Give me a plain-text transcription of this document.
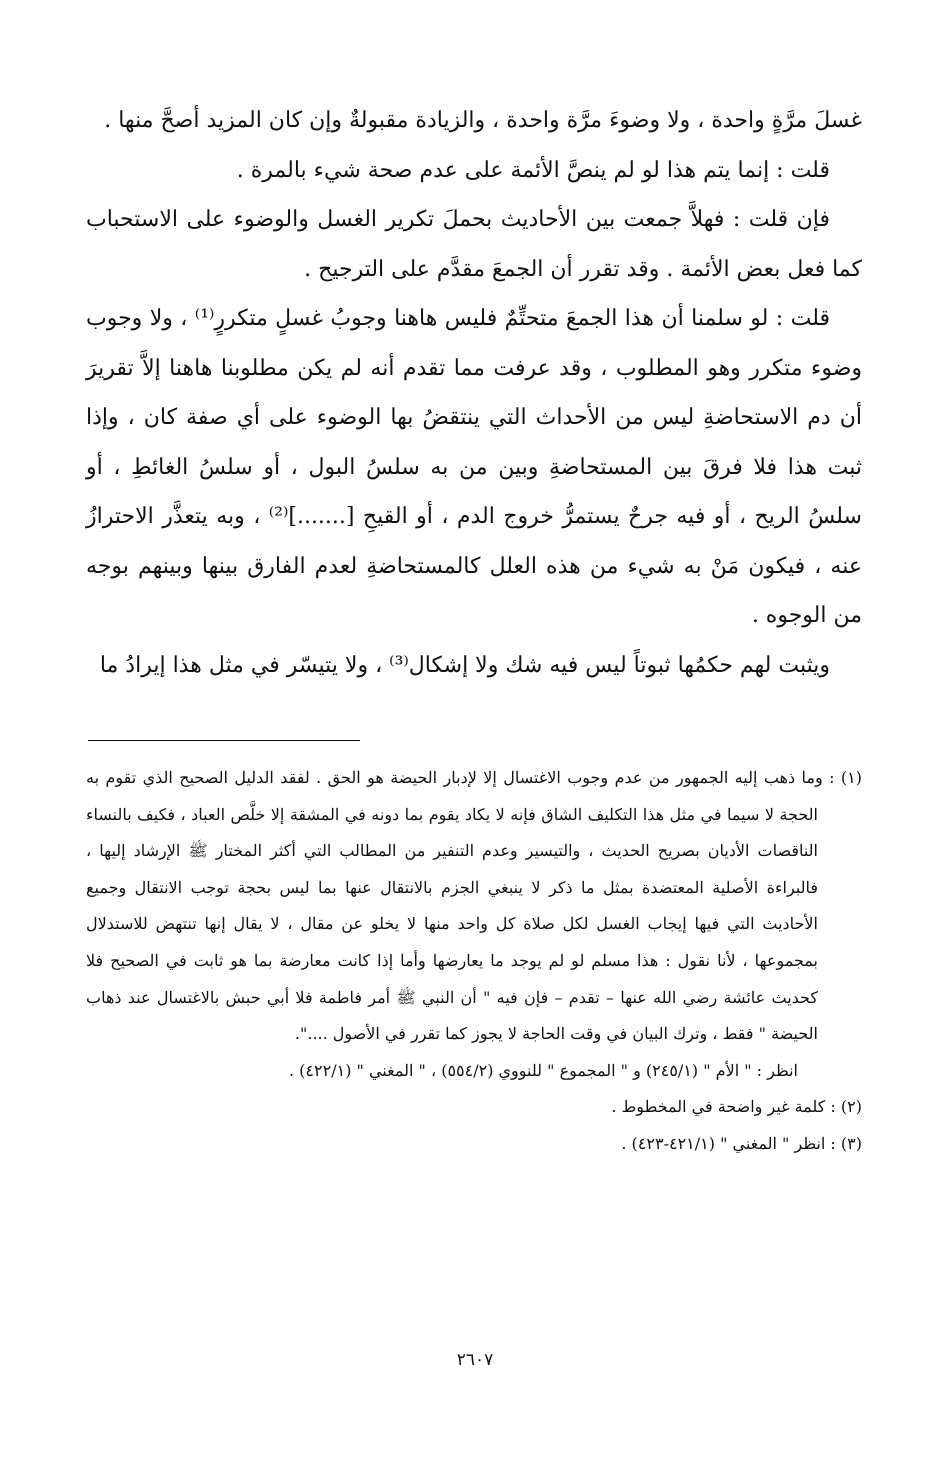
غسلَ مرَّةٍ واحدة ، ولا وضوءَ مرَّة واحدة ، والزيادة مقبولةٌ وإن كان المزيد أصحَّ منها .

قلت : إنما يتم هذا لو لم ينصَّ الأئمة على عدم صحة شيء بالمرة .

فإن قلت : فهلاَّ جمعت بين الأحاديث بحملَ تكرير الغسل والوضوء على الاستحباب كما فعل بعض الأئمة . وقد تقرر أن الجمعَ مقدَّم على الترجيح .

قلت : لو سلمنا أن هذا الجمعَ متحتِّمٌ فليس هاهنا وجوبُ غسلٍ متكررٍ⁽¹⁾ ، ولا وجوب وضوء متكرر وهو المطلوب ، وقد عرفت مما تقدم أنه لم يكن مطلوبنا هاهنا إلاَّ تقريرَ أن دم الاستحاضةِ ليس من الأحداث التي ينتقضُ بها الوضوء على أي صفة كان ، وإذا ثبت هذا فلا فرقَ بين المستحاضةِ وبين من به سلسُ البول ، أو سلسُ الغائطِ ، أو سلسُ الريح ، أو فيه جرحٌ يستمرُّ خروج الدم ، أو القيحِ [.......]⁽²⁾ ، وبه يتعذَّر الاحترازُ عنه ، فيكون مَنْ به شيء من هذه العلل كالمستحاضةِ لعدم الفارق بينها وبينهم بوجه من الوجوه .

ويثبت لهم حكمُها ثبوتاً ليس فيه شك ولا إشكال⁽³⁾ ، ولا يتيسّر في مثل هذا إيرادُ ما

(١) : وما ذهب إليه الجمهور من عدم وجوب الاغتسال إلا لإدبار الحيضة هو الحق . لفقد الدليل الصحيح الذي تقوم به الحجة لا سيما في مثل هذا التكليف الشاق فإنه لا يكاد يقوم بما دونه في المشقة إلا خلَّص العباد ، فكيف بالنساء الناقصات الأديان بصريح الحديث ، والتيسير وعدم التنفير من المطالب التي أكثر المختار ﷺ الإرشاد إليها ، فالبراءة الأصلية المعتضدة بمثل ما ذكر لا ينبغي الجزم بالانتقال عنها بما ليس بحجة توجب الانتقال وجميع الأحاديث التي فيها إيجاب الغسل لكل صلاة كل واحد منها لا يخلو عن مقال ، لا يقال إنها تنتهض للاستدلال بمجموعها ، لأنا نقول : هذا مسلم لو لم يوجد ما يعارضها وأما إذا كانت معارضة بما هو ثابت في الصحيح فلا كحديث عائشة رضي الله عنها – تقدم – فإن فيه " أن النبي ﷺ أمر فاطمة فلا أبي حبش بالاغتسال عند ذهاب الحيضة " فقط ، وترك البيان في وقت الحاجة لا يجوز كما تقرر في الأصول ....".

انظر : " الأم " (٢٤٥/١) و " المجموع " للنووي (٥٥٤/٢) ، " المغني " (٤٢٢/١) .

(٢) : كلمة غير واضحة في المخطوط .

(٣) : انظر " المغني " (٤٢١/١-٤٢٣) .

٢٦٠٧
